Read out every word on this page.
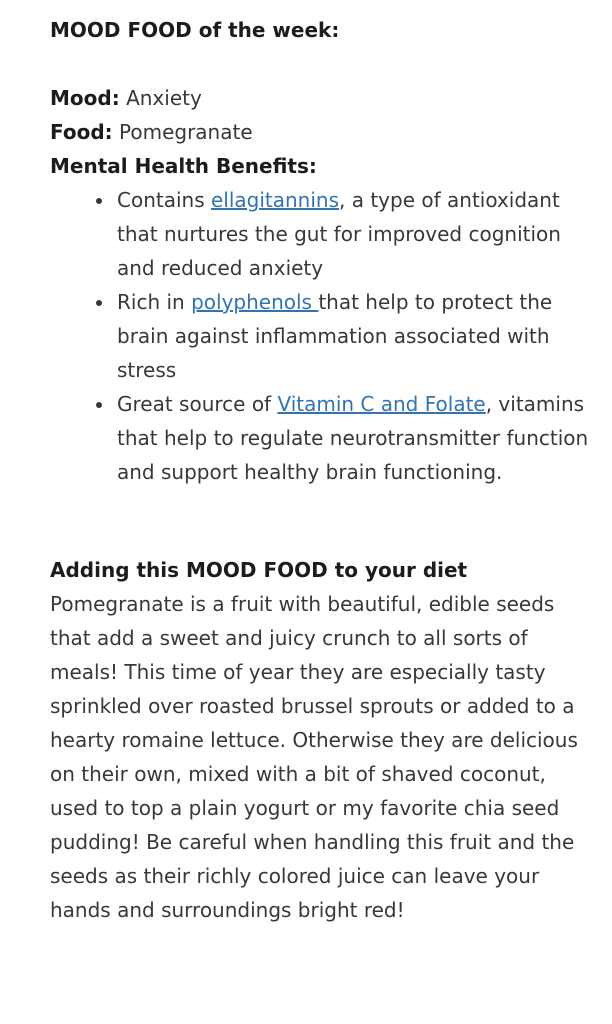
MOOD FOOD of the week:
Mood: Anxiety
Food: Pomegranate
Mental Health Benefits:
• Contains ellagitannins, a type of antioxidant that nurtures the gut for improved cognition and reduced anxiety
• Rich in polyphenols that help to protect the brain against inflammation associated with stress
• Great source of Vitamin C and Folate, vitamins that help to regulate neurotransmitter function and support healthy brain functioning.
Adding this MOOD FOOD to your diet

Pomegranate is a fruit with beautiful, edible seeds that add a sweet and juicy crunch to all sorts of meals! This time of year they are especially tasty sprinkled over roasted brussel sprouts or added to a hearty romaine lettuce. Otherwise they are delicious on their own, mixed with a bit of shaved coconut, used to top a plain yogurt or my favorite chia seed pudding! Be careful when handling this fruit and the seeds as their richly colored juice can leave your hands and surroundings bright red!
